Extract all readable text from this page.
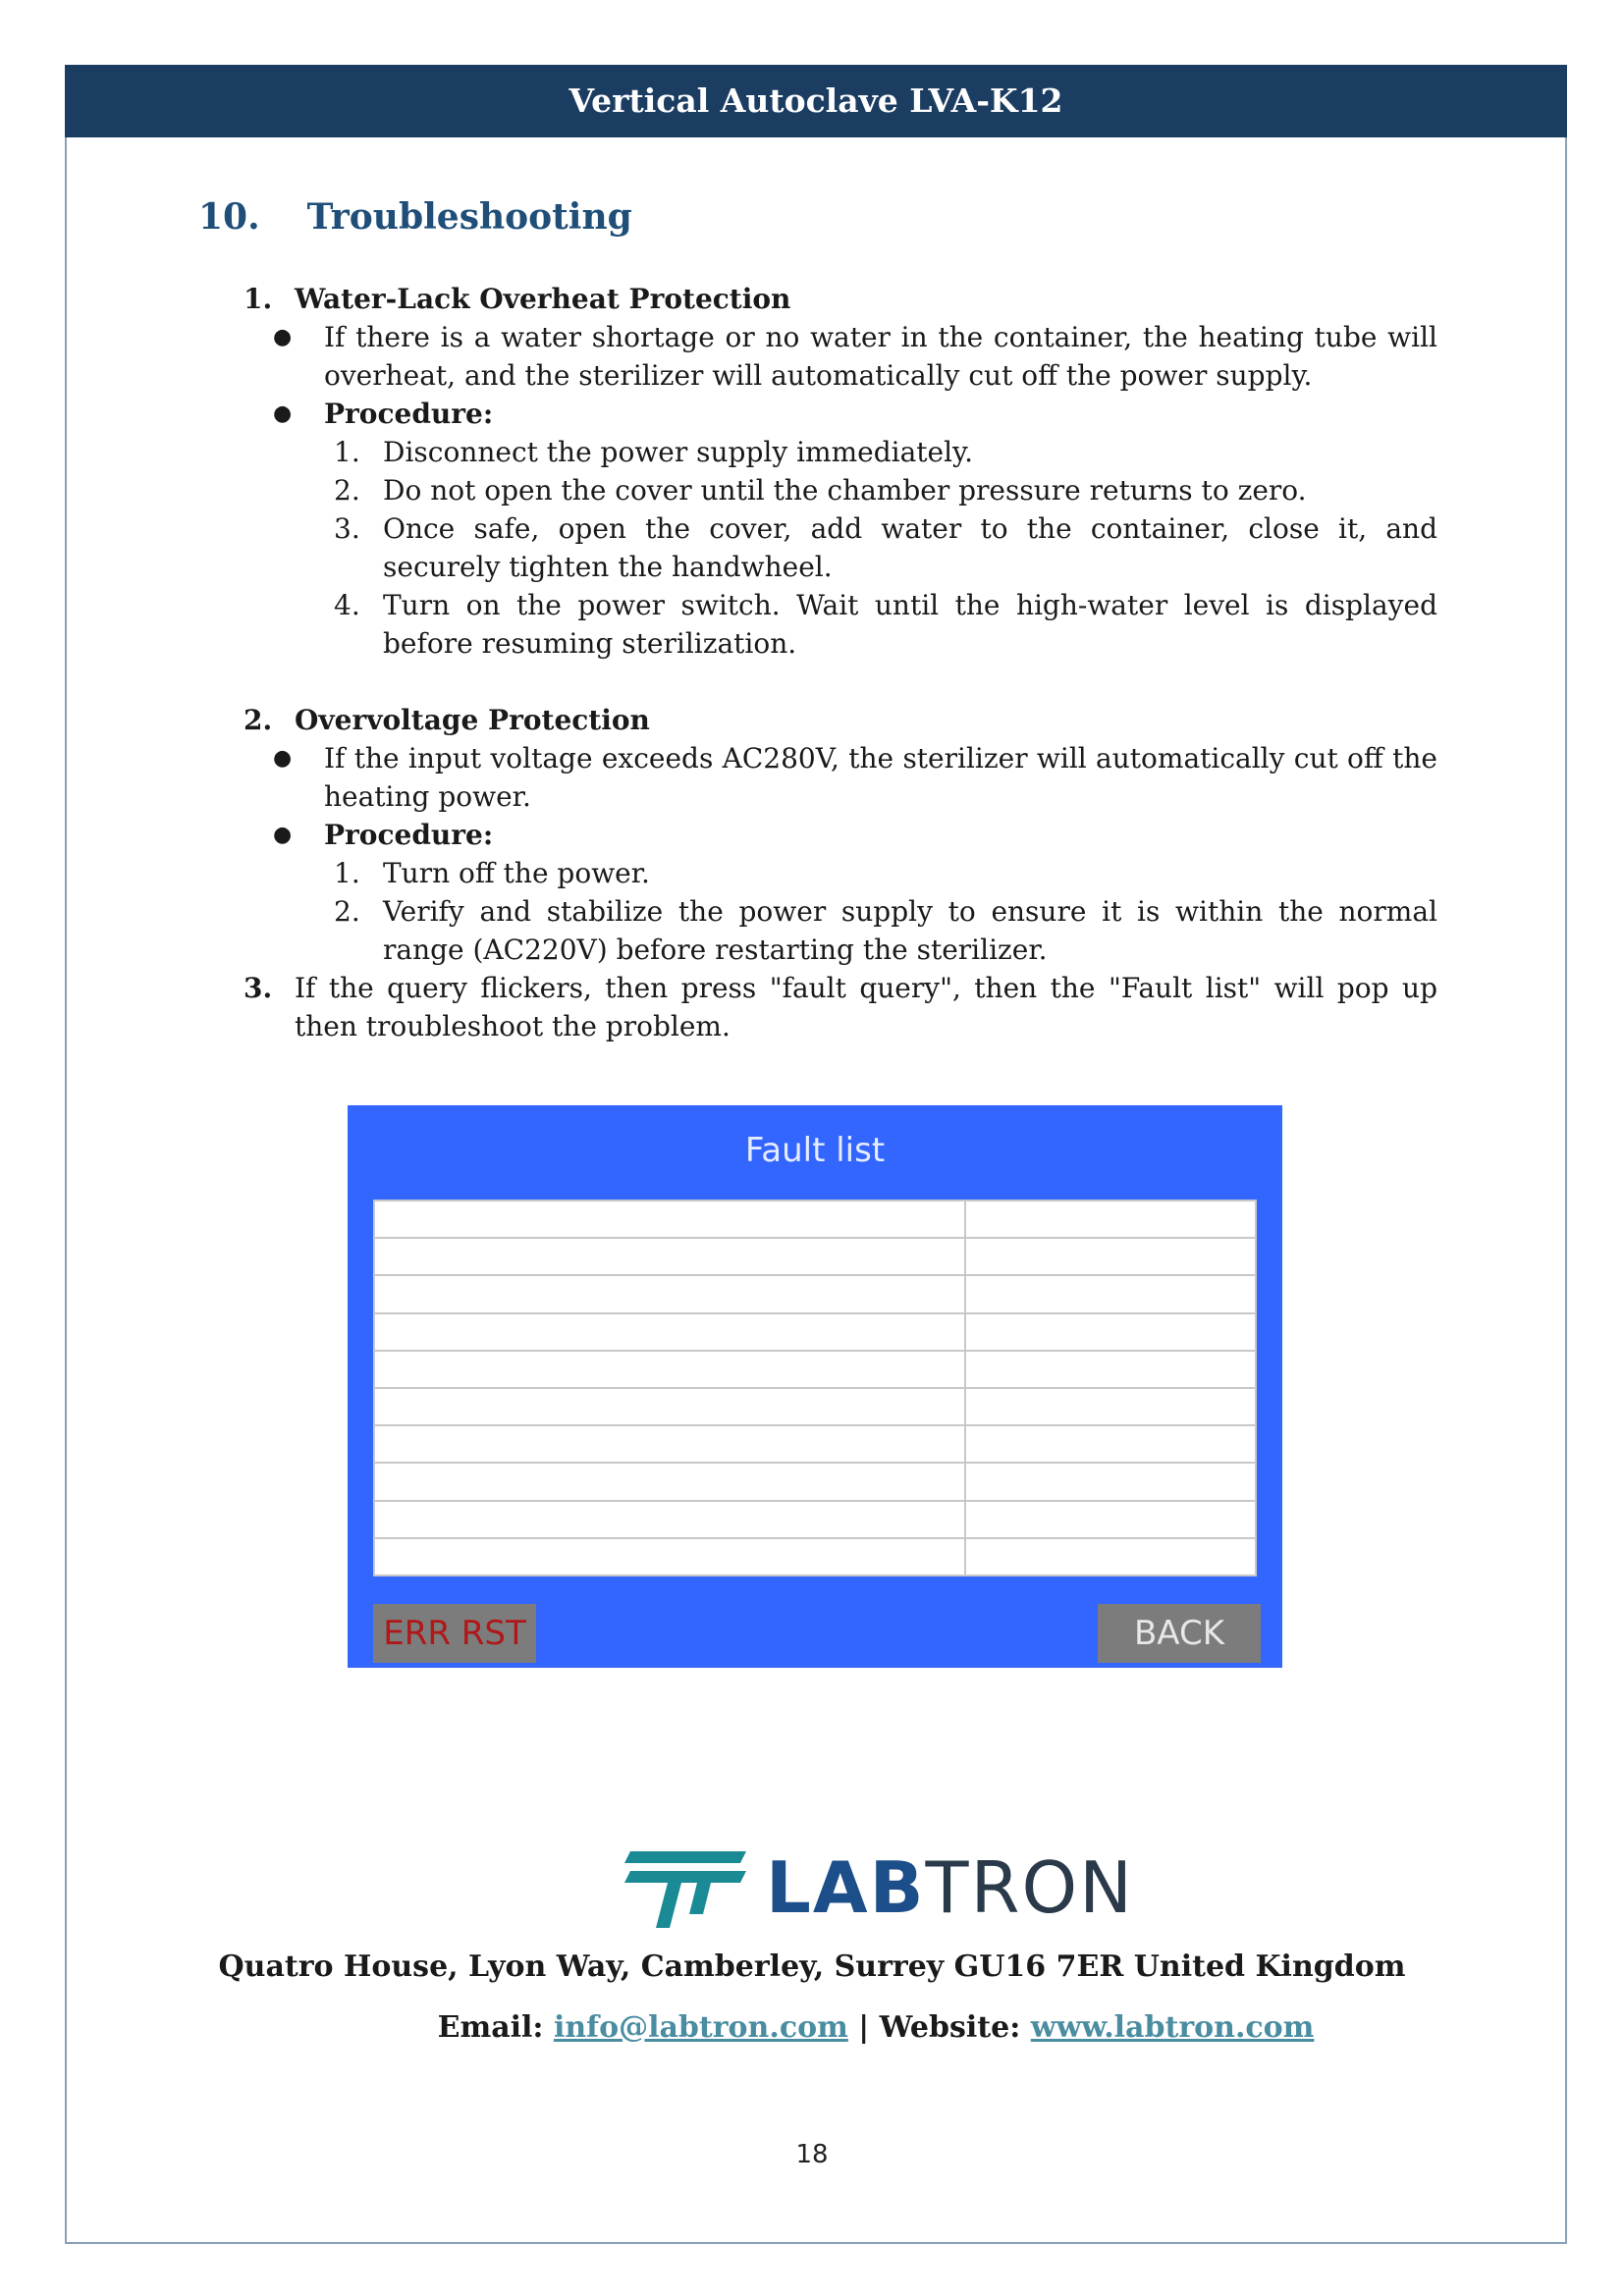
Vertical Autoclave LVA-K12
10. Troubleshooting
1. Water-Lack Overheat Protection
●	If there is a water shortage or no water in the container, the heating tube will overheat, and the sterilizer will automatically cut off the power supply.
●	Procedure:
1. Disconnect the power supply immediately.
2. Do not open the cover until the chamber pressure returns to zero.
3. Once safe, open the cover, add water to the container, close it, and securely tighten the handwheel.
4. Turn on the power switch. Wait until the high-water level is displayed before resuming sterilization.
2. Overvoltage Protection
●	If the input voltage exceeds AC280V, the sterilizer will automatically cut off the heating power.
●	Procedure:
1. Turn off the power.
2. Verify and stabilize the power supply to ensure it is within the normal range (AC220V) before restarting the sterilizer.
3. If the query flickers, then press "fault query", then the "Fault list" will pop up then troubleshoot the problem.
Fault list

ERR RST	BACK
LABTRON
Quatro House, Lyon Way, Camberley, Surrey GU16 7ER United Kingdom
Email: info@labtron.com | Website: www.labtron.com
18
